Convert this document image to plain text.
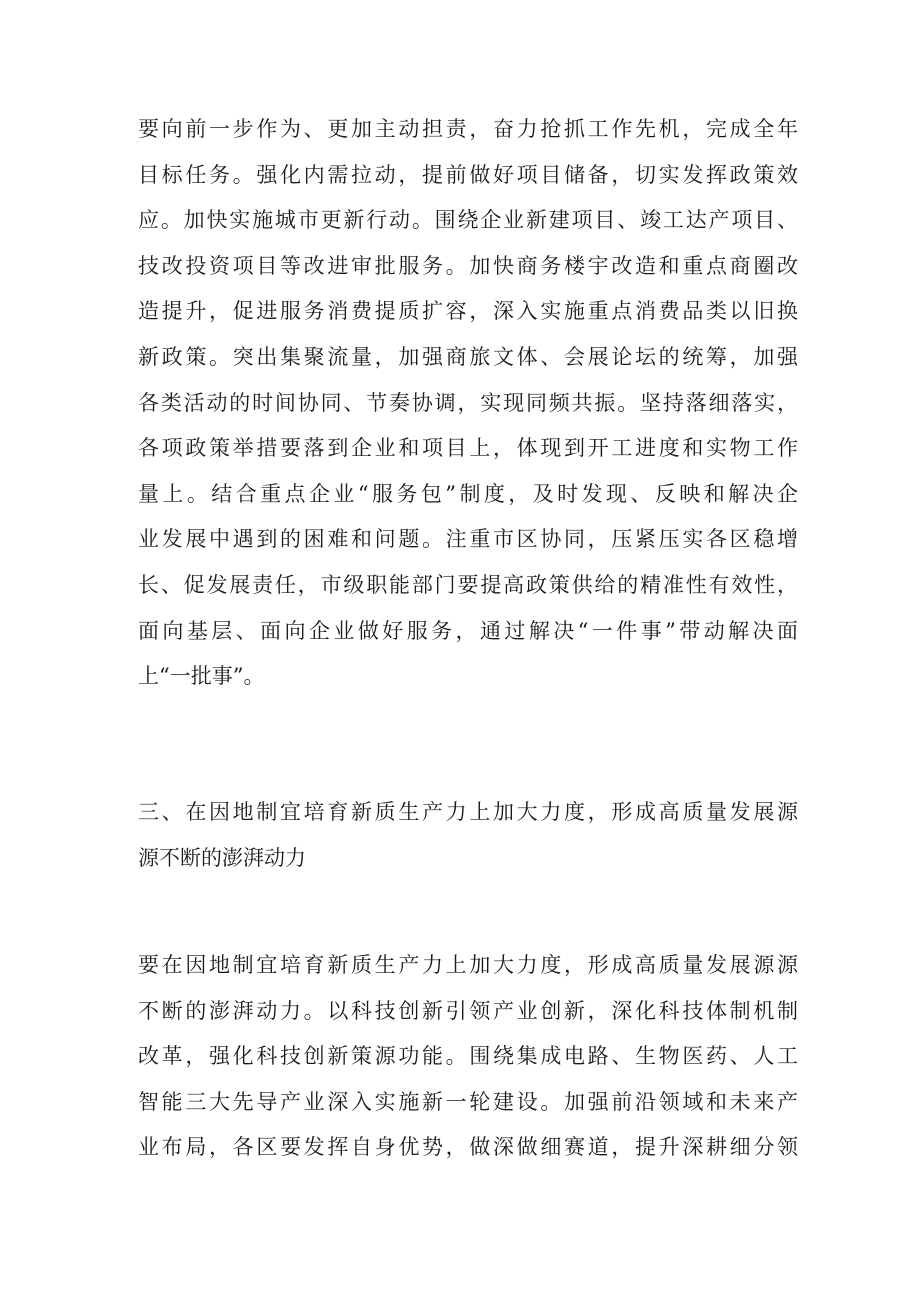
要向前一步作为、更加主动担责，奋力抢抓工作先机，完成全年
目标任务。强化内需拉动，提前做好项目储备，切实发挥政策效
应。加快实施城市更新行动。围绕企业新建项目、竣工达产项目、
技改投资项目等改进审批服务。加快商务楼宇改造和重点商圈改
造提升，促进服务消费提质扩容，深入实施重点消费品类以旧换
新政策。突出集聚流量，加强商旅文体、会展论坛的统筹，加强
各类活动的时间协同、节奏协调，实现同频共振。坚持落细落实，
各项政策举措要落到企业和项目上，体现到开工进度和实物工作
量上。结合重点企业“服务包”制度，及时发现、反映和解决企
业发展中遇到的困难和问题。注重市区协同，压紧压实各区稳增
长、促发展责任，市级职能部门要提高政策供给的精准性有效性，
面向基层、面向企业做好服务，通过解决“一件事”带动解决面
上“一批事”。
三、在因地制宜培育新质生产力上加大力度，形成高质量发展源
源不断的澎湃动力
要在因地制宜培育新质生产力上加大力度，形成高质量发展源源
不断的澎湃动力。以科技创新引领产业创新，深化科技体制机制
改革，强化科技创新策源功能。围绕集成电路、生物医药、人工
智能三大先导产业深入实施新一轮建设。加强前沿领域和未来产
业布局，各区要发挥自身优势，做深做细赛道，提升深耕细分领
